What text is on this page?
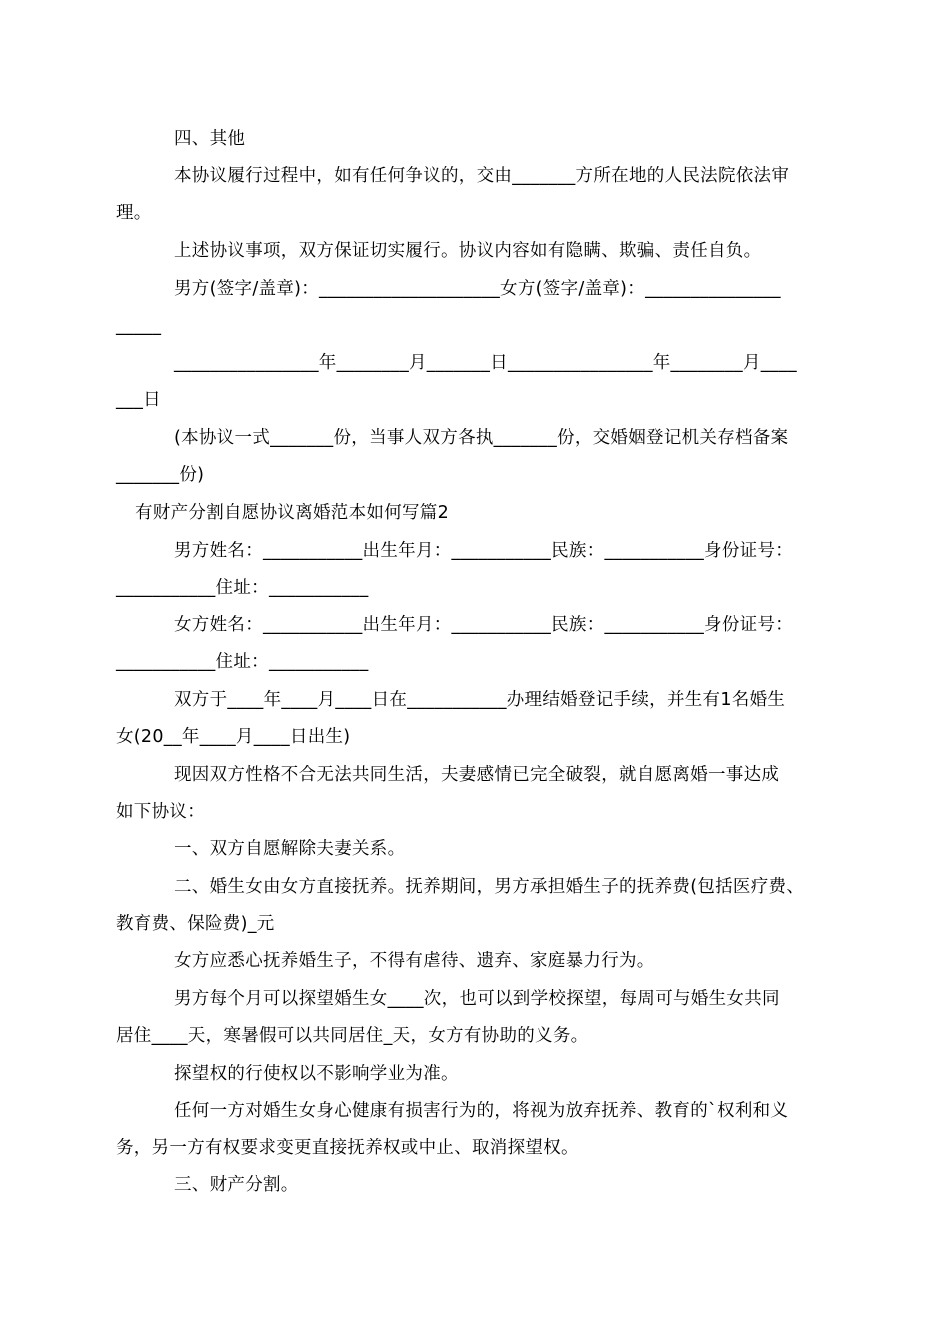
四、其他
本协议履行过程中，如有任何争议的，交由_______方所在地的人民法院依法审
理。
上述协议事项，双方保证切实履行。协议内容如有隐瞒、欺骗、责任自负。
男方(签字/盖章)：____________________女方(签字/盖章)：_______________
_____
________________年________月_______日________________年________月____
___日
(本协议一式_______份，当事人双方各执_______份，交婚姻登记机关存档备案
_______份)
有财产分割自愿协议离婚范本如何写篇2
男方姓名：___________出生年月：___________民族：___________身份证号：
___________住址：___________
女方姓名：___________出生年月：___________民族：___________身份证号：
___________住址：___________
双方于____年____月____日在___________办理结婚登记手续，并生有1名婚生
女(20__年____月____日出生)
现因双方性格不合无法共同生活，夫妻感情已完全破裂，就自愿离婚一事达成
如下协议：
一、双方自愿解除夫妻关系。
二、婚生女由女方直接抚养。抚养期间，男方承担婚生子的抚养费(包括医疗费、
教育费、保险费)_元
女方应悉心抚养婚生子，不得有虐待、遗弃、家庭暴力行为。
男方每个月可以探望婚生女____次，也可以到学校探望，每周可与婚生女共同
居住____天，寒暑假可以共同居住_天，女方有协助的义务。
探望权的行使权以不影响学业为准。
任何一方对婚生女身心健康有损害行为的，将视为放弃抚养、教育的`权利和义
务，另一方有权要求变更直接抚养权或中止、取消探望权。
三、财产分割。
